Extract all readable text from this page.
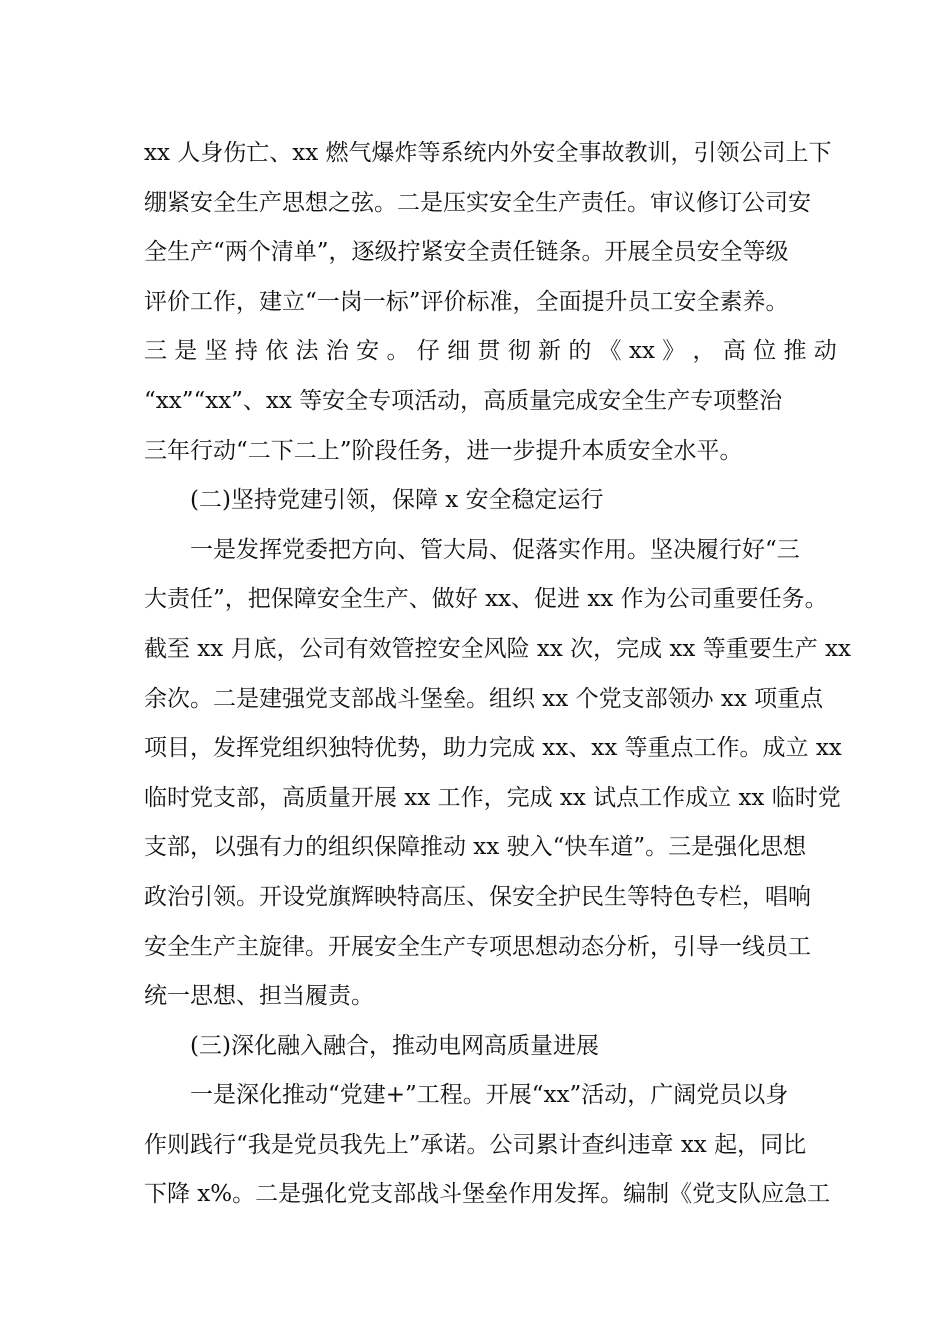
xx 人身伤亡、xx 燃气爆炸等系统内外安全事故教训，引领公司上下
绷紧安全生产思想之弦。二是压实安全生产责任。审议修订公司安
全生产“两个清单”，逐级拧紧安全责任链条。开展全员安全等级
评价工作，建立“一岗一标”评价标准，全面提升员工安全素养。
三 是 坚 持 依 法 治 安 。 仔 细 贯 彻 新 的 《 xx 》 ， 高 位 推 动
“xx”“xx”、xx 等安全专项活动，高质量完成安全生产专项整治
三年行动“二下二上”阶段任务，进一步提升本质安全水平。
(二)坚持党建引领，保障 x 安全稳定运行
一是发挥党委把方向、管大局、促落实作用。坚决履行好“三
大责任”，把保障安全生产、做好 xx、促进 xx 作为公司重要任务。
截至 xx 月底，公司有效管控安全风险 xx 次，完成 xx 等重要生产 xx
余次。二是建强党支部战斗堡垒。组织 xx 个党支部领办 xx 项重点
项目，发挥党组织独特优势，助力完成 xx、xx 等重点工作。成立 xx
临时党支部，高质量开展 xx 工作，完成 xx 试点工作成立 xx 临时党
支部，以强有力的组织保障推动 xx 驶入“快车道”。三是强化思想
政治引领。开设党旗辉映特高压、保安全护民生等特色专栏，唱响
安全生产主旋律。开展安全生产专项思想动态分析，引导一线员工
统一思想、担当履责。
(三)深化融入融合，推动电网高质量进展
一是深化推动“党建+”工程。开展“xx”活动，广阔党员以身
作则践行“我是党员我先上”承诺。公司累计查纠违章 xx 起，同比
下降 x%。二是强化党支部战斗堡垒作用发挥。编制《党支队应急工
